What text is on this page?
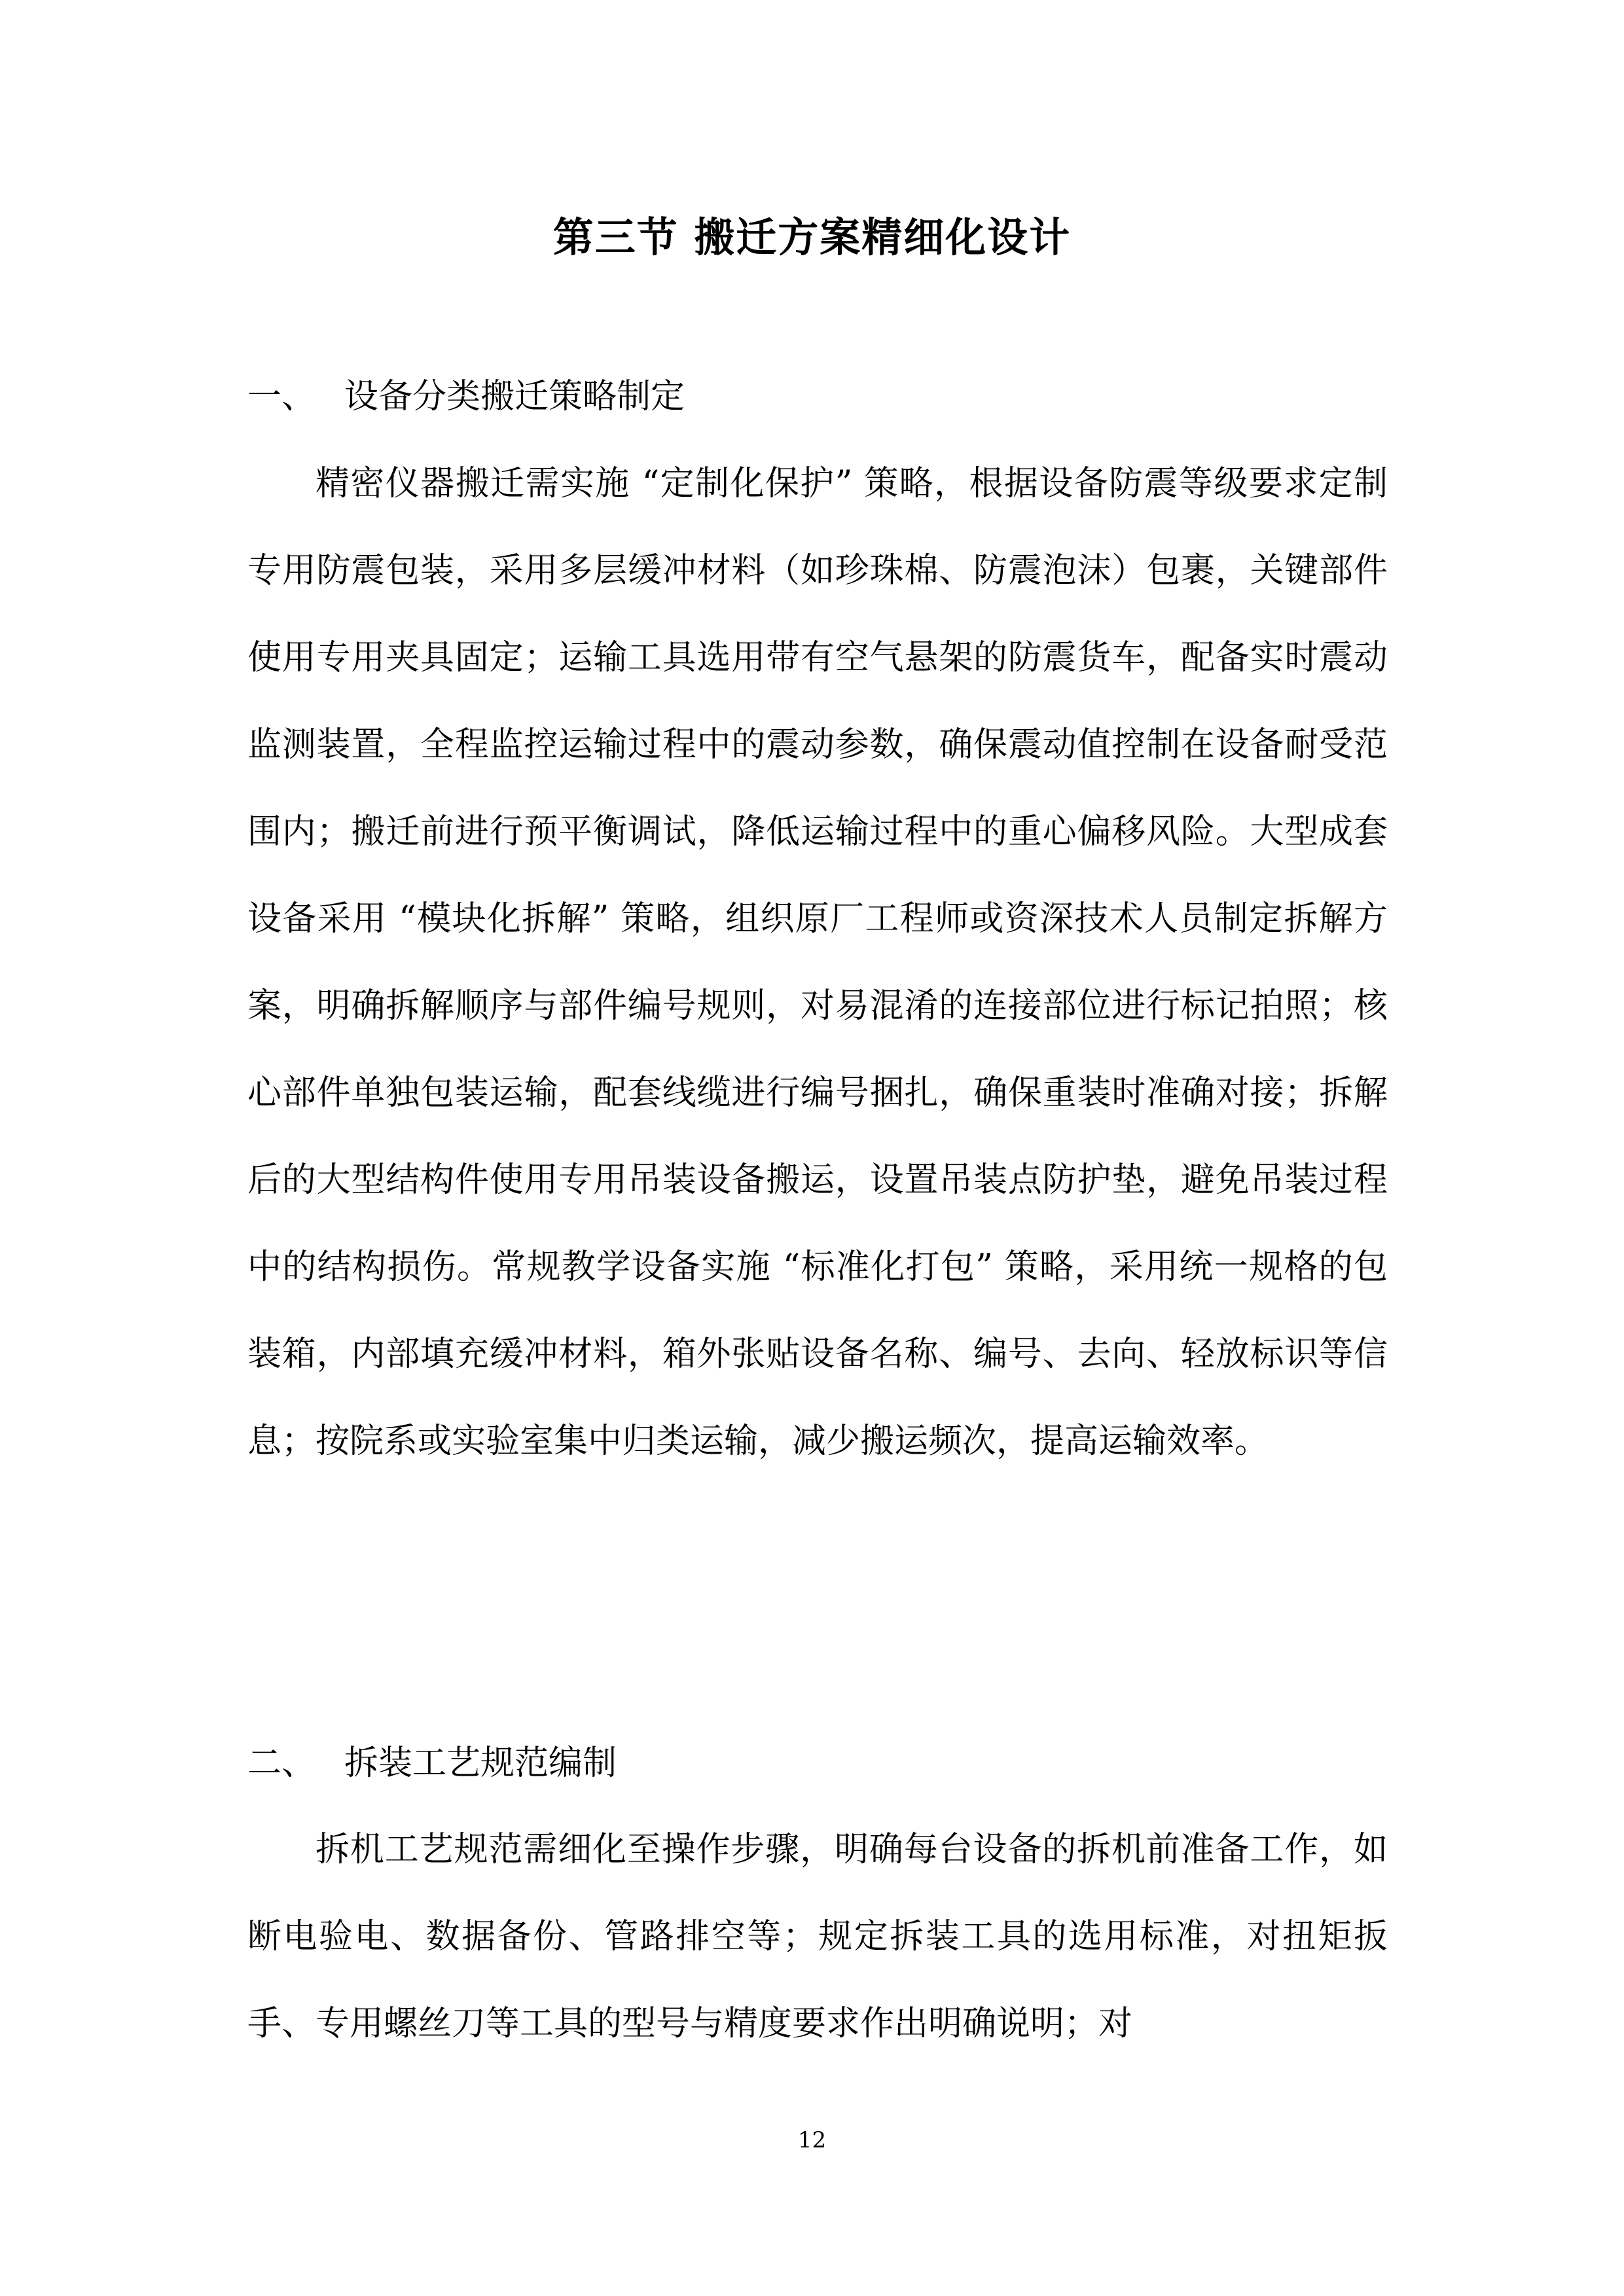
第三节 搬迁方案精细化设计
一、 设备分类搬迁策略制定
精密仪器搬迁需实施 “定制化保护” 策略，根据设备防震等级要求定制专用防震包装，采用多层缓冲材料（如珍珠棉、防震泡沫）包裹，关键部件使用专用夹具固定；运输工具选用带有空气悬架的防震货车，配备实时震动监测装置，全程监控运输过程中的震动参数，确保震动值控制在设备耐受范围内；搬迁前进行预平衡调试，降低运输过程中的重心偏移风险。大型成套设备采用 “模块化拆解” 策略，组织原厂工程师或资深技术人员制定拆解方案，明确拆解顺序与部件编号规则，对易混淆的连接部位进行标记拍照；核心部件单独包装运输，配套线缆进行编号捆扎，确保重装时准确对接；拆解后的大型结构件使用专用吊装设备搬运，设置吊装点防护垫，避免吊装过程中的结构损伤。常规教学设备实施 “标准化打包” 策略，采用统一规格的包装箱，内部填充缓冲材料，箱外张贴设备名称、编号、去向、轻放标识等信息；按院系或实验室集中归类运输，减少搬运频次，提高运输效率。
二、 拆装工艺规范编制
拆机工艺规范需细化至操作步骤，明确每台设备的拆机前准备工作，如断电验电、数据备份、管路排空等；规定拆装工具的选用标准，对扭矩扳手、专用螺丝刀等工具的型号与精度要求作出明确说明；对
12
